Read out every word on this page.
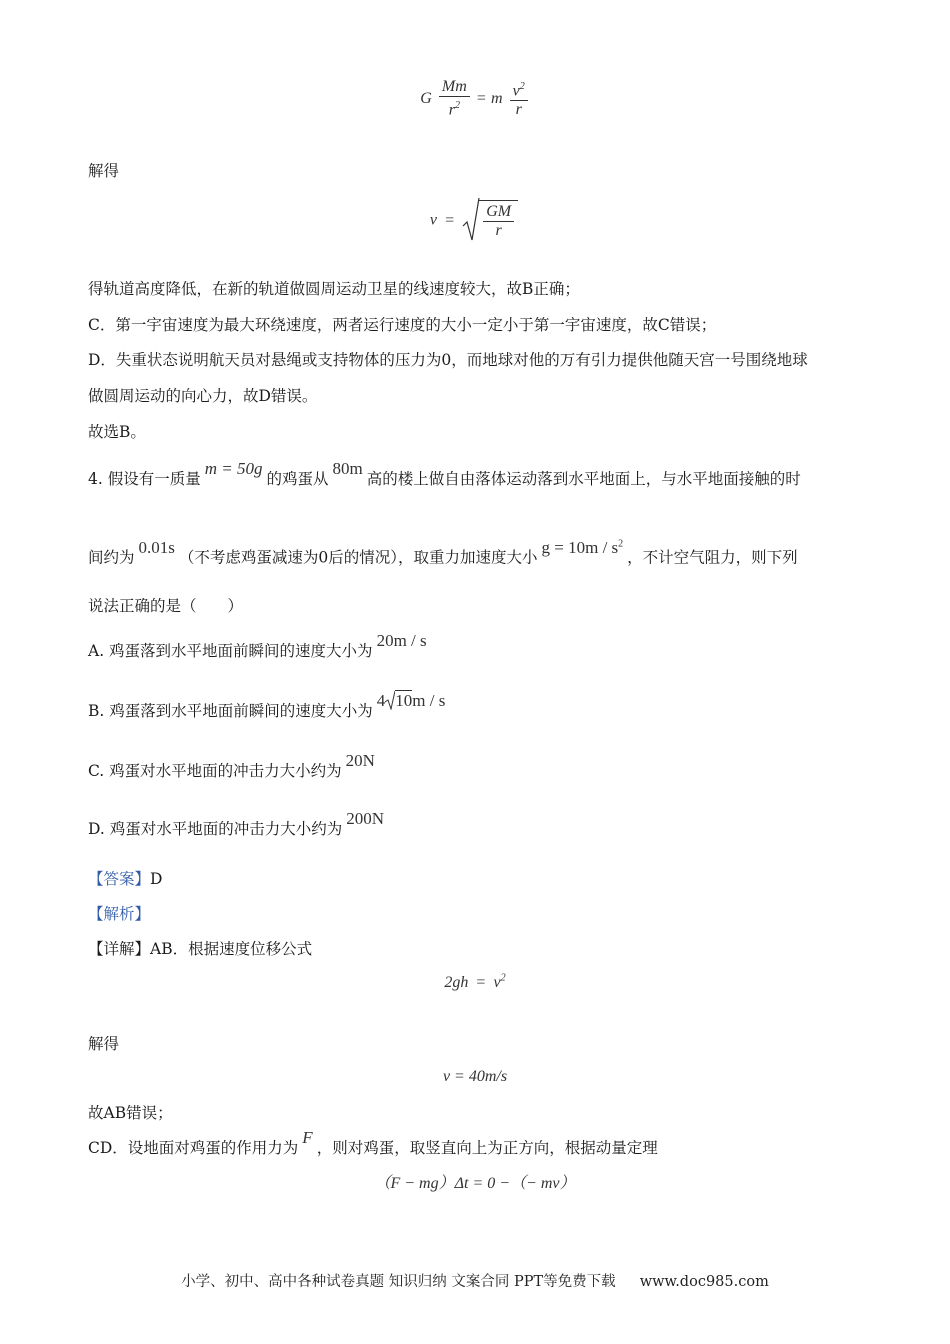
G $\frac{Mm}{r^2} = m \frac{v^2}{r}$
解得
$v = \frac{GM}{r}$
得轨道高度降低，在新的轨道做圆周运动卫星的线速度较大，故B正确；
C．第一宇宙速度为最大环绕速度，两者运行速度的大小一定小于第一宇宙速度，故C错误；
D．失重状态说明航天员对悬绳或支持物体的压力为0，而地球对他的万有引力提供他随天宫一号围绕地球
做圆周运动的向心力，故D错误。
故选B。
4. 假设有一质量m = 50g的鸡蛋从80m高的楼上做自由落体运动落到水平地面上，与水平地面接触的时
间约为0.01s（不考虑鸡蛋减速为0后的情况），取重力加速度大小$g = 10m / s^2$，不计空气阻力，则下列
说法正确的是（　　）
A. 鸡蛋落到水平地面前瞬间的速度大小为20m / s
B. 鸡蛋落到水平地面前瞬间的速度大小为4 10m / s
C. 鸡蛋对水平地面的冲击力大小约为20N
D. 鸡蛋对水平地面的冲击力大小约为200N
【答案】D
【解析】
【详解】AB．根据速度位移公式
$2gh = v^2$
解得
v = 40m/s
故AB错误；
CD．设地面对鸡蛋的作用力为F，则对鸡蛋，取竖直向上为正方向，根据动量定理
（F − mg）Δt = 0 −（− mv）
小学、初中、高中各种试卷真题 知识归纳 文案合同 PPT等免费下载 www.doc985.com
